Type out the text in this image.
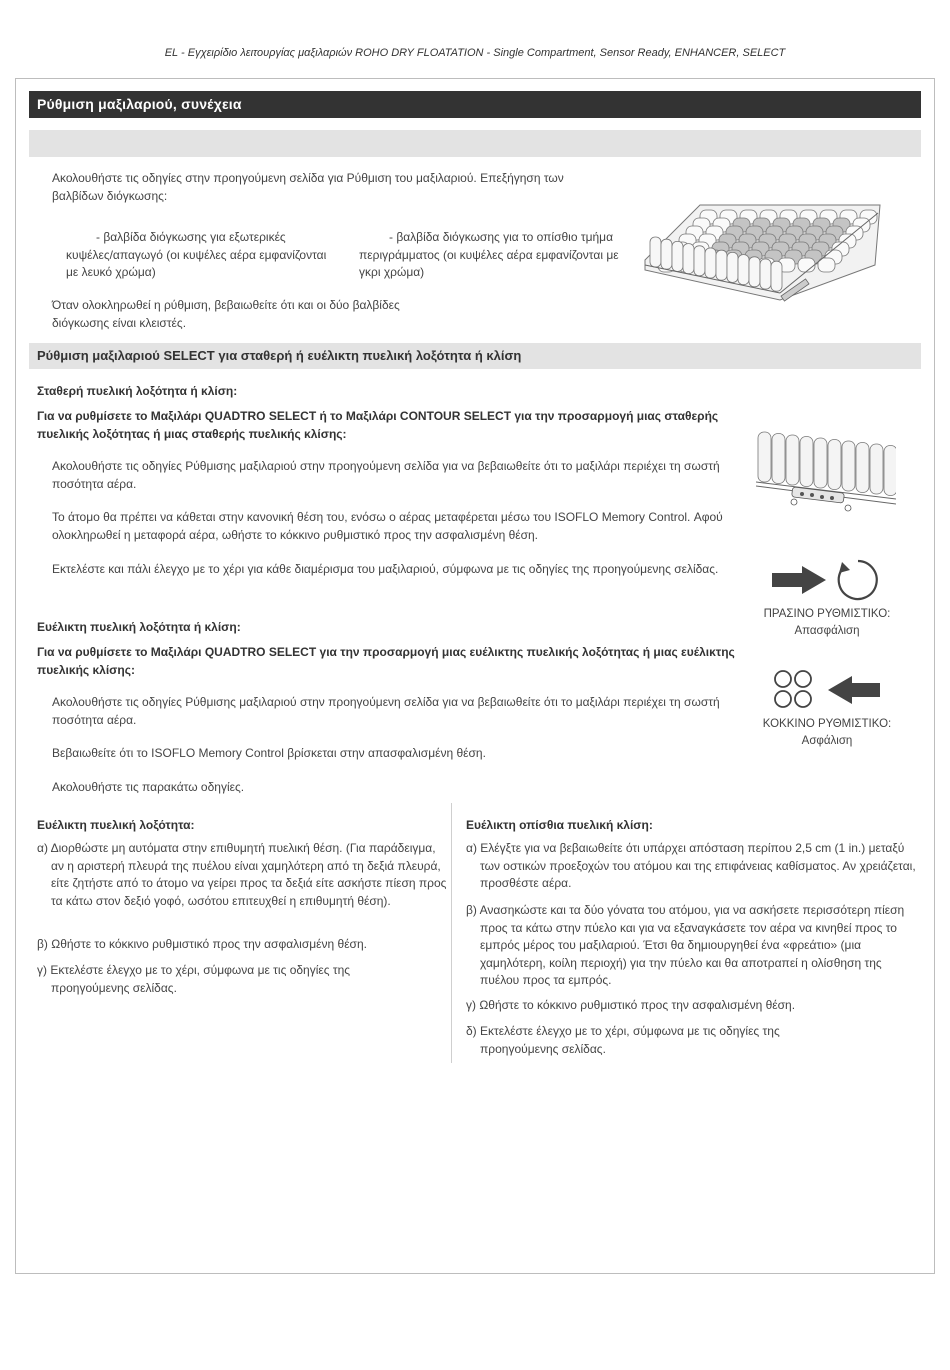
EL - Εγχειρίδιο λειτουργίας μαξιλαριών ROHO DRY FLOATATION - Single Compartment, Sensor Ready, ENHANCER, SELECT
Ρύθμιση μαξιλαριού, συνέχεια
Ακολουθήστε τις οδηγίες στην προηγούμενη σελίδα για Ρύθμιση του μαξιλαριού. Επεξήγηση των βαλβίδων διόγκωσης:
- βαλβίδα διόγκωσης για εξωτερικές κυψέλες/απαγωγό (οι κυψέλες αέρα εμφανίζονται με λευκό χρώμα)
- βαλβίδα διόγκωσης για το οπίσθιο τμήμα περιγράμματος (οι κυψέλες αέρα εμφανίζονται με γκρι χρώμα)
Όταν ολοκληρωθεί η ρύθμιση, βεβαιωθείτε ότι και οι δύο βαλβίδες διόγκωσης είναι κλειστές.
Ρύθμιση μαξιλαριού SELECT για σταθερή ή ευέλικτη πυελική λοξότητα ή κλίση
Σταθερή πυελική λοξότητα ή κλίση:
Για να ρυθμίσετε το Μαξιλάρι QUADTRO SELECT ή το Μαξιλάρι CONTOUR SELECT για την προσαρμογή μιας σταθερής πυελικής λοξότητας ή μιας σταθερής πυελικής κλίσης:
Ακολουθήστε τις οδηγίες Ρύθμισης μαξιλαριού στην προηγούμενη σελίδα για να βεβαιωθείτε ότι το μαξιλάρι περιέχει τη σωστή ποσότητα αέρα.
Το άτομο θα πρέπει να κάθεται στην κανονική θέση του, ενόσω ο αέρας μεταφέρεται μέσω του ISOFLO Memory Control. Αφού ολοκληρωθεί η μεταφορά αέρα, ωθήστε το κόκκινο ρυθμιστικό προς την ασφαλισμένη θέση.
Εκτελέστε και πάλι έλεγχο με το χέρι για κάθε διαμέρισμα του μαξιλαριού, σύμφωνα με τις οδηγίες της προηγούμενης σελίδας.
ΠΡΑΣΙΝΟ ΡΥΘΜΙΣΤΙΚΟ:
Απασφάλιση
Ευέλικτη πυελική λοξότητα ή κλίση:
Για να ρυθμίσετε το Μαξιλάρι QUADTRO SELECT για την προσαρμογή μιας ευέλικτης πυελικής λοξότητας ή μιας ευέλικτης πυελικής κλίσης:
Ακολουθήστε τις οδηγίες Ρύθμισης μαξιλαριού στην προηγούμενη σελίδα για να βεβαιωθείτε ότι το μαξιλάρι περιέχει τη σωστή ποσότητα αέρα.
Βεβαιωθείτε ότι το ISOFLO Memory Control βρίσκεται στην απασφαλισμένη θέση.
Ακολουθήστε τις παρακάτω οδηγίες.
ΚΟΚΚΙΝΟ ΡΥΘΜΙΣΤΙΚΟ:
Ασφάλιση
Ευέλικτη πυελική λοξότητα:
α) Διορθώστε μη αυτόματα στην επιθυμητή πυελική θέση. (Για παράδειγμα, αν η αριστερή πλευρά της πυέλου είναι χαμηλότερη από τη δεξιά πλευρά, είτε ζητήστε από το άτομο να γείρει προς τα δεξιά είτε ασκήστε πίεση προς τα κάτω στον δεξιό γοφό, ωσότου επιτευχθεί η επιθυμητή θέση).
β) Ωθήστε το κόκκινο ρυθμιστικό προς την ασφαλισμένη θέση.
γ) Εκτελέστε έλεγχο με το χέρι, σύμφωνα με τις οδηγίες της προηγούμενης σελίδας.
Ευέλικτη οπίσθια πυελική κλίση:
α) Ελέγξτε για να βεβαιωθείτε ότι υπάρχει απόσταση περίπου 2,5 cm (1 in.) μεταξύ των οστικών προεξοχών του ατόμου και της επιφάνειας καθίσματος. Αν χρειάζεται, προσθέστε αέρα.
β) Ανασηκώστε και τα δύο γόνατα του ατόμου, για να ασκήσετε περισσότερη πίεση προς τα κάτω στην πύελο και για να εξαναγκάσετε τον αέρα να κινηθεί προς το εμπρός μέρος του μαξιλαριού. Έτσι θα δημιουργηθεί ένα «φρεάτιο» (μια χαμηλότερη, κοίλη περιοχή) για την πύελο και θα αποτραπεί η ολίσθηση της πυέλου προς τα εμπρός.
γ) Ωθήστε το κόκκινο ρυθμιστικό προς την ασφαλισμένη θέση.
δ) Εκτελέστε έλεγχο με το χέρι, σύμφωνα με τις οδηγίες της προηγούμενης σελίδας.
